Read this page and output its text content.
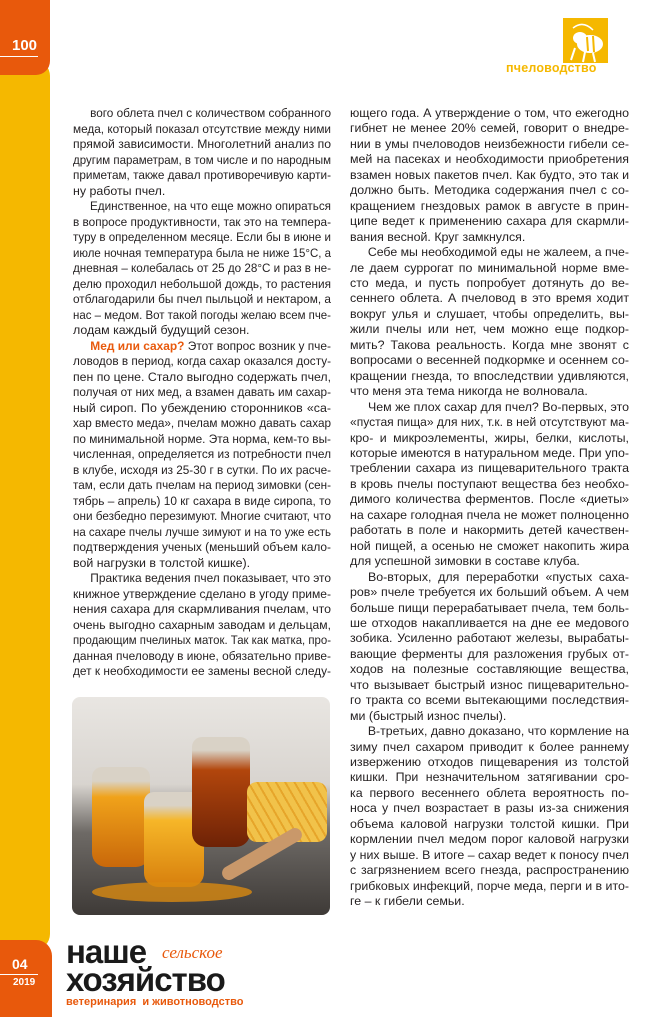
100
04
2019
пчеловодство
вого облета пчел с количеством собранного
меда, который показал отсутствие между ними
прямой зависимости. Многолетний анализ по
другим параметрам, в том числе и по народным
приметам, также давал противоречивую карти-
ну работы пчел.
Единственное, на что еще можно опираться
в вопросе продуктивности, так это на темпера-
туру в определенном месяце. Если бы в июне и
июле ночная температура была не ниже 15°С, а
дневная – колебалась от 25 до 28°С и раз в не-
делю проходил небольшой дождь, то растения
отблагодарили бы пчел пыльцой и нектаром, а
нас – медом. Вот такой погоды желаю всем пче-
лодам каждый будущий сезон.
Мед или сахар? Этот вопрос возник у пче-
ловодов в период, когда сахар оказался досту-
пен по цене. Стало выгодно содержать пчел,
получая от них мед, а взамен давать им сахар-
ный сироп. По убеждению сторонников «са-
хар вместо меда», пчелам можно давать сахар
по минимальной норме. Эта норма, кем-то вы-
численная, определяется из потребности пчел
в клубе, исходя из 25-30 г в сутки. По их расче-
там, если дать пчелам на период зимовки (сен-
тябрь – апрель) 10 кг сахара в виде сиропа, то
они безбедно перезимуют. Многие считают, что
на сахаре пчелы лучше зимуют и на то уже есть
подтверждения ученых (меньший объем кало-
вой нагрузки в толстой кишке).
Практика ведения пчел показывает, что это
книжное утверждение сделано в угоду приме-
нения сахара для скармливания пчелам, что
очень выгодно сахарным заводам и дельцам,
продающим пчелиных маток. Так как матка, про-
данная пчеловоду в июне, обязательно приве-
дет к необходимости ее замены весной следу-
ющего года. А утверждение о том, что ежегодно
гибнет не менее 20% семей, говорит о внедре-
нии в умы пчеловодов неизбежности гибели се-
мей на пасеках и необходимости приобретения
взамен новых пакетов пчел. Как будто, это так и
должно быть. Методика содержания пчел с со-
кращением гнездовых рамок в августе в прин-
ципе ведет к применению сахара для скармли-
вания весной. Круг замкнулся.
Себе мы необходимой еды не жалеем, а пче-
ле даем суррогат по минимальной норме вме-
сто меда, и пусть попробует дотянуть до ве-
сеннего облета. А пчеловод в это время ходит
вокруг улья и слушает, чтобы определить, вы-
жили пчелы или нет, чем можно еще подкор-
мить? Такова реальность. Когда мне звонят с
вопросами о весенней подкормке и осеннем со-
кращении гнезда, то впоследствии удивляются,
что меня эта тема никогда не волновала.
Чем же плох сахар для пчел? Во-первых, это
«пустая пища» для них, т.к. в ней отсутствуют ма-
кро- и микроэлементы, жиры, белки, кислоты,
которые имеются в натуральном меде. При упо-
треблении сахара из пищеварительного тракта
в кровь пчелы поступают вещества без необхо-
димого количества ферментов. После «диеты»
на сахаре голодная пчела не может полноценно
работать в поле и накормить детей качествен-
ной пищей, а осенью не сможет накопить жира
для успешной зимовки в составе клуба.
Во-вторых, для переработки «пустых саха-
ров» пчеле требуется их больший объем. А чем
больше пищи перерабатывает пчела, тем боль-
ше отходов накапливается на дне ее медового
зобика. Усиленно работают железы, вырабаты-
вающие ферменты для разложения грубых от-
ходов на полезные составляющие вещества,
что вызывает быстрый износ пищеварительно-
го тракта со всеми вытекающими последствия-
ми (быстрый износ пчелы).
В-третьих, давно доказано, что кормление на
зиму пчел сахаром приводит к более раннему
извержению отходов пищеварения из толстой
кишки. При незначительном затягивании сро-
ка первого весеннего облета вероятность по-
носа у пчел возрастает в разы из-за снижения
объема каловой нагрузки толстой кишки. При
кормлении пчел медом порог каловой нагрузки
у них выше. В итоге – сахар ведет к поносу пчел
с загрязнением всего гнезда, распространению
грибковых инфекций, порче меда, перги и в ито-
ге – к гибели семьи.
наше
хозяйство
сельское
ветеринария  и животноводство
